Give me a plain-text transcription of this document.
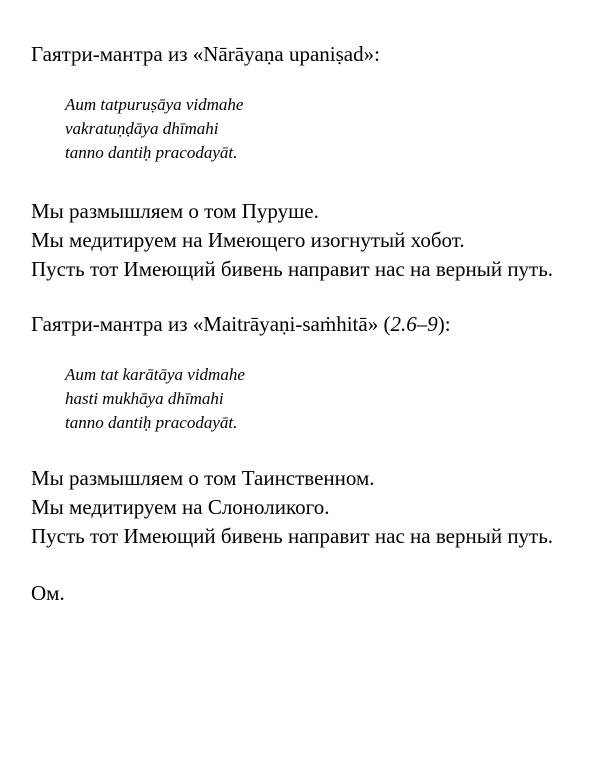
Гаятри-мантра из «Nārāyaṇa upaniṣad»:
Aum tatpuruṣāya vidmahe
vakratuṇḍāya dhīmahi
tanno dantiḥ pracodayāt.
Мы размышляем о том Пуруше.
Мы медитируем на Имеющего изогнутый хобот.
Пусть тот Имеющий бивень направит нас на верный путь.
Гаятри-мантра из «Maitrāyaṇi-saṁhitā» (2.6–9):
Aum tat karātāya vidmahe
hasti mukhāya dhīmahi
tanno dantiḥ pracodayāt.
Мы размышляем о том Таинственном.
Мы медитируем на Слоноликого.
Пусть тот Имеющий бивень направит нас на верный путь.
Ом.
